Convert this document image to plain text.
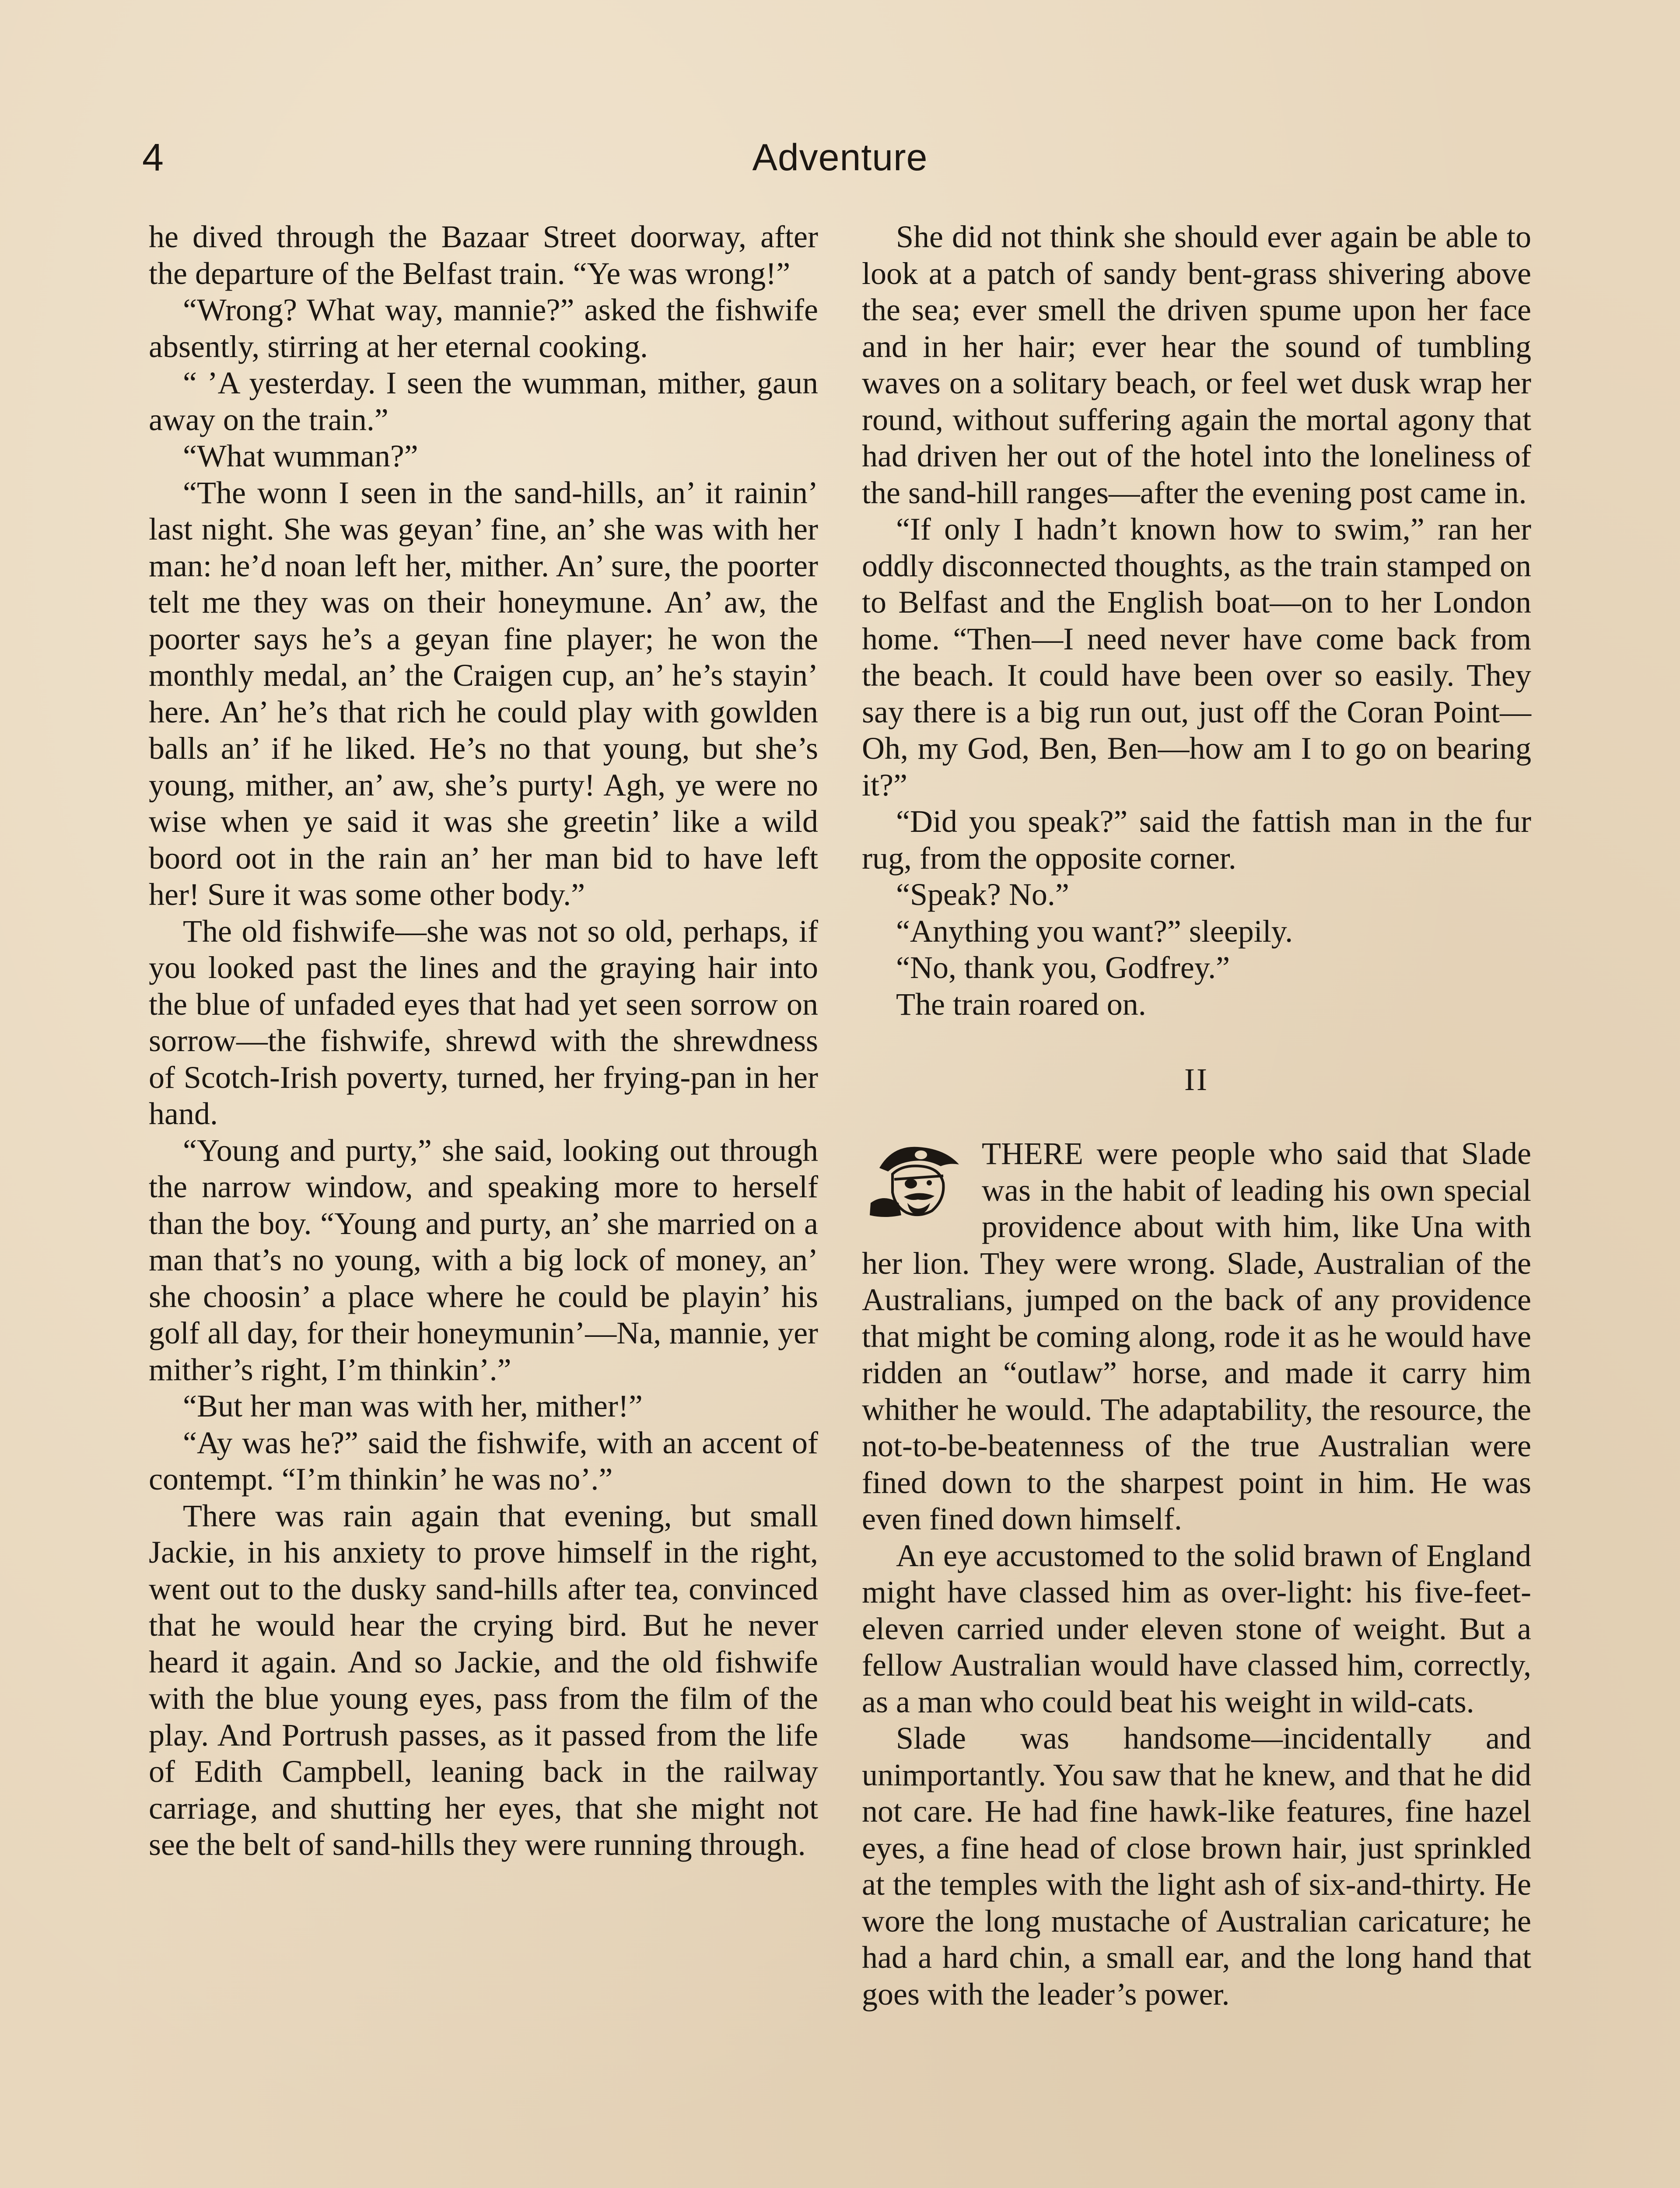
4	Adventure

he dived through the Bazaar Street doorway, after the departure of the Belfast train. “Ye was wrong!”

“Wrong? What way, mannie?” asked the fishwife absently, stirring at her eternal cooking.

“ ’A yesterday. I seen the wumman, mither, gaun away on the train.”

“What wumman?”

“The wonn I seen in the sand-hills, an’ it rainin’ last night. She was geyan’ fine, an’ she was with her man: he’d noan left her, mither. An’ sure, the poorter telt me they was on their honeymune. An’ aw, the poorter says he’s a geyan fine player; he won the monthly medal, an’ the Craigen cup, an’ he’s stayin’ here. An’ he’s that rich he could play with gowlden balls an’ if he liked. He’s no that young, but she’s young, mither, an’ aw, she’s purty! Agh, ye were no wise when ye said it was she greetin’ like a wild boord oot in the rain an’ her man bid to have left her! Sure it was some other body.”

The old fishwife—she was not so old, perhaps, if you looked past the lines and the graying hair into the blue of unfaded eyes that had yet seen sorrow on sorrow—the fishwife, shrewd with the shrewdness of Scotch-Irish poverty, turned, her frying-pan in her hand.

“Young and purty,” she said, looking out through the narrow window, and speaking more to herself than the boy. “Young and purty, an’ she married on a man that’s no young, with a big lock of money, an’ she choosin’ a place where he could be playin’ his golf all day, for their honeymunin’—Na, mannie, yer mither’s right, I’m thinkin’.”

“But her man was with her, mither!”

“Ay was he?” said the fishwife, with an accent of contempt. “I’m thinkin’ he was no’.”

There was rain again that evening, but small Jackie, in his anxiety to prove himself in the right, went out to the dusky sand-hills after tea, convinced that he would hear the crying bird. But he never heard it again. And so Jackie, and the old fishwife with the blue young eyes, pass from the film of the play. And Portrush passes, as it passed from the life of Edith Campbell, leaning back in the railway carriage, and shutting her eyes, that she might not see the belt of sand-hills they were running through.

She did not think she should ever again be able to look at a patch of sandy bent-grass shivering above the sea; ever smell the driven spume upon her face and in her hair; ever hear the sound of tumbling waves on a solitary beach, or feel wet dusk wrap her round, without suffering again the mortal agony that had driven her out of the hotel into the loneliness of the sand-hill ranges—after the evening post came in.

“If only I hadn’t known how to swim,” ran her oddly disconnected thoughts, as the train stamped on to Belfast and the English boat—on to her London home. “Then—I need never have come back from the beach. It could have been over so easily. They say there is a big run out, just off the Coran Point— Oh, my God, Ben, Ben—how am I to go on bearing it?”

“Did you speak?” said the fattish man in the fur rug, from the opposite corner.

“Speak? No.”

“Anything you want?” sleepily.

“No, thank you, Godfrey.”

The train roared on.

II

THERE were people who said that Slade was in the habit of leading his own special providence about with him, like Una with her lion. They were wrong. Slade, Australian of the Australians, jumped on the back of any providence that might be coming along, rode it as he would have ridden an “outlaw” horse, and made it carry him whither he would. The adaptability, the resource, the not-to-be-beatenness of the true Australian were fined down to the sharpest point in him. He was even fined down himself.

An eye accustomed to the solid brawn of England might have classed him as over-light: his five-feet-eleven carried under eleven stone of weight. But a fellow Australian would have classed him, correctly, as a man who could beat his weight in wild-cats.

Slade was handsome—incidentally and unimportantly. You saw that he knew, and that he did not care. He had fine hawk-like features, fine hazel eyes, a fine head of close brown hair, just sprinkled at the temples with the light ash of six-and-thirty. He wore the long mustache of Australian caricature; he had a hard chin, a small ear, and the long hand that goes with the leader’s power.
